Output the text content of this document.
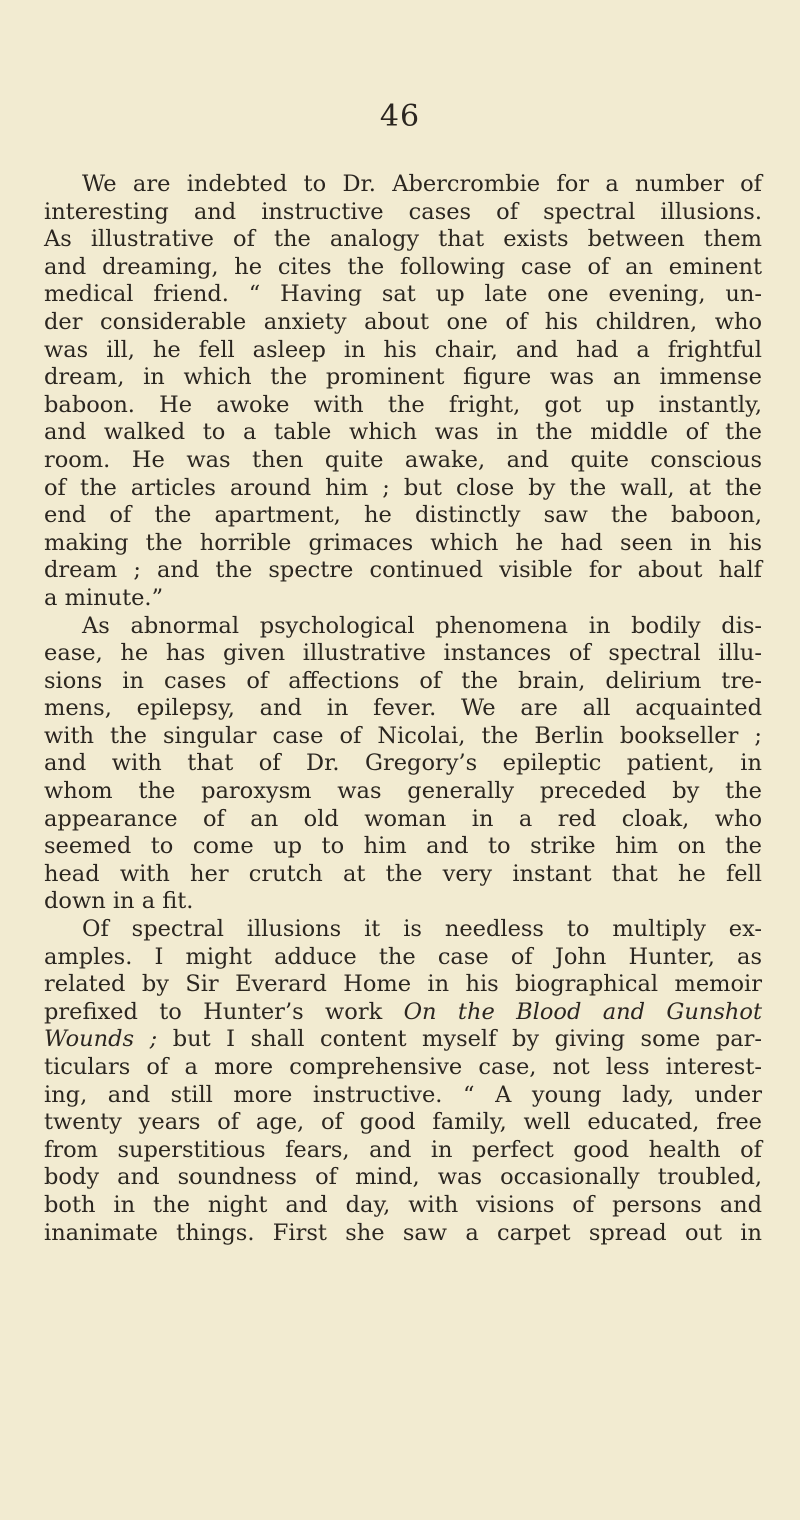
46
We are indebted to Dr. Abercrombie for a number of
interesting and instructive cases of spectral illusions.
As illustrative of the analogy that exists between them
and dreaming, he cites the following case of an eminent
medical friend. “ Having sat up late one evening, un-
der considerable anxiety about one of his children, who
was ill, he fell asleep in his chair, and had a frightful
dream, in which the prominent figure was an immense
baboon. He awoke with the fright, got up instantly,
and walked to a table which was in the middle of the
room. He was then quite awake, and quite conscious
of the articles around him ; but close by the wall, at the
end of the apartment, he distinctly saw the baboon,
making the horrible grimaces which he had seen in his
dream ; and the spectre continued visible for about half
a minute.”
As abnormal psychological phenomena in bodily dis-
ease, he has given illustrative instances of spectral illu-
sions in cases of affections of the brain, delirium tre-
mens, epilepsy, and in fever. We are all acquainted
with the singular case of Nicolai, the Berlin bookseller ;
and with that of Dr. Gregory’s epileptic patient, in
whom the paroxysm was generally preceded by the
appearance of an old woman in a red cloak, who
seemed to come up to him and to strike him on the
head with her crutch at the very instant that he fell
down in a fit.
Of spectral illusions it is needless to multiply ex-
amples. I might adduce the case of John Hunter, as
related by Sir Everard Home in his biographical memoir
prefixed to Hunter’s work On the Blood and Gunshot
Wounds ; but I shall content myself by giving some par-
ticulars of a more comprehensive case, not less interest-
ing, and still more instructive. “ A young lady, under
twenty years of age, of good family, well educated, free
from superstitious fears, and in perfect good health of
body and soundness of mind, was occasionally troubled,
both in the night and day, with visions of persons and
inanimate things. First she saw a carpet spread out in
